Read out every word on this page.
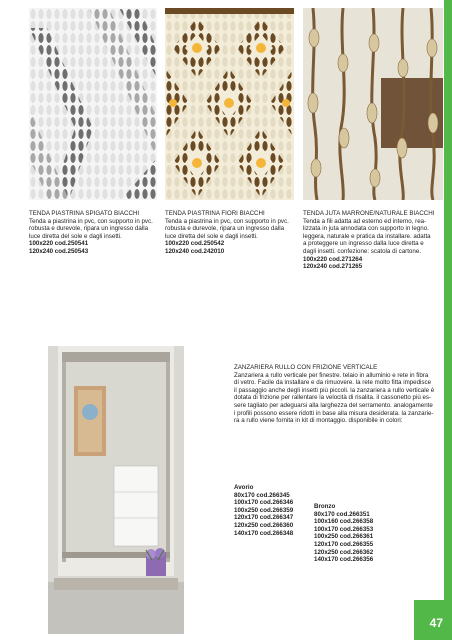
47
TENDA PIASTRINA SPIGATO BIACCHI
Tenda a piastrina in pvc, con supporto in pvc.
robusta e durevole, ripara un ingresso dalla
luce diretta del sole e dagli insetti.
100x220 cod.250541
120x240 cod.250543
TENDA PIASTRINA FIORI BIACCHI
Tenda a piastrina in pvc, con supporto in pvc.
robusta e durevole, ripara un ingresso dalla
luce diretta del sole e dagli insetti.
100x220 cod.250542
120x240 cod.242010
TENDA JUTA MARRONE/NATURALE BIACCHI
Tenda a fili adatta ad esterno ed interno, rea-
lizzata in juta annodata con supporto in legno.
leggera, naturale e pratica da installare. adatta
a proteggere un ingresso dalla luce diretta e
dagli insetti. confezione: scatola di cartone.
100x220 cod.271264
120x240 cod.271265
ZANZARIERA RULLO CON FRIZIONE VERTICALE
Zanzariera a rullo verticale per finestre. telaio in alluminio e rete in fibra
di vetro. Facile da installare e da rimuovere. la rete molto fitta impedisce
il passaggio anche degli insetti più piccoli. la zanzariera a rullo verticale è
dotata di frizione per rallentare la velocità di risalita. il cassonetto più es-
sere tagliato per adeguarsi alla larghezza del serramento. analogamente
i profili possono essere ridotti in base alla misura desiderata. la zanzarie-
ra a rullo viene fornita in kit di montaggio. disponibile in colori:
Avorio
80x170 cod.266345
100x170 cod.266346
100x250 cod.266359
120x170 cod.266347
120x250 cod.266360
140x170 cod.266348
Bronzo
80x170 cod.266351
100x160 cod.266358
100x170 cod.266353
100x250 cod.266361
120x170 cod.266355
120x250 cod.266362
140x170 cod.266356
